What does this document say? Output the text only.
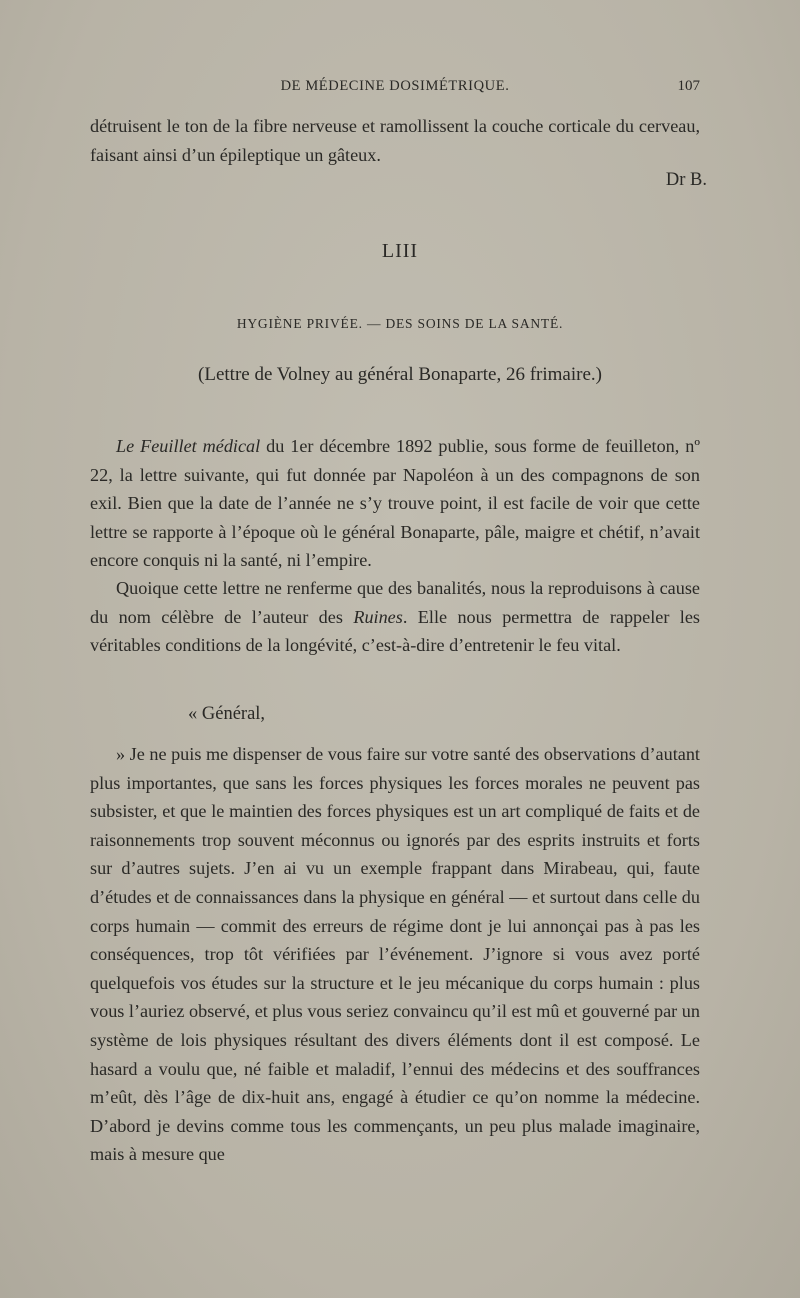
DE MÉDECINE DOSIMÉTRIQUE.	107

détruisent le ton de la fibre nerveuse et ramollissent la couche corticale du cerveau, faisant ainsi d’un épileptique un gâteux.

Dr B.
LIII
HYGIÈNE PRIVÉE. — DES SOINS DE LA SANTÉ.
(Lettre de Volney au général Bonaparte, 26 frimaire.)

Le Feuillet médical du 1er décembre 1892 publie, sous forme de feuilleton, nº 22, la lettre suivante, qui fut donnée par Napoléon à un des compagnons de son exil. Bien que la date de l’année ne s’y trouve point, il est facile de voir que cette lettre se rapporte à l’époque où le général Bonaparte, pâle, maigre et chétif, n’avait encore conquis ni la santé, ni l’empire.

Quoique cette lettre ne renferme que des banalités, nous la reproduisons à cause du nom célèbre de l’auteur des Ruines. Elle nous permettra de rappeler les véritables conditions de la longévité, c’est-à-dire d’entretenir le feu vital.

« Général,

» Je ne puis me dispenser de vous faire sur votre santé des observations d’autant plus importantes, que sans les forces physiques les forces morales ne peuvent pas subsister, et que le maintien des forces physiques est un art compliqué de faits et de raisonnements trop souvent méconnus ou ignorés par des esprits instruits et forts sur d’autres sujets. J’en ai vu un exemple frappant dans Mirabeau, qui, faute d’études et de connaissances dans la physique en général — et surtout dans celle du corps humain — commit des erreurs de régime dont je lui annonçai pas à pas les conséquences, trop tôt vérifiées par l’événement. J’ignore si vous avez porté quelquefois vos études sur la structure et le jeu mécanique du corps humain : plus vous l’auriez observé, et plus vous seriez convaincu qu’il est mû et gouverné par un système de lois physiques résultant des divers éléments dont il est composé. Le hasard a voulu que, né faible et maladif, l’ennui des médecins et des souffrances m’eût, dès l’âge de dix-huit ans, engagé à étudier ce qu’on nomme la médecine. D’abord je devins comme tous les commençants, un peu plus malade imaginaire, mais à mesure que
